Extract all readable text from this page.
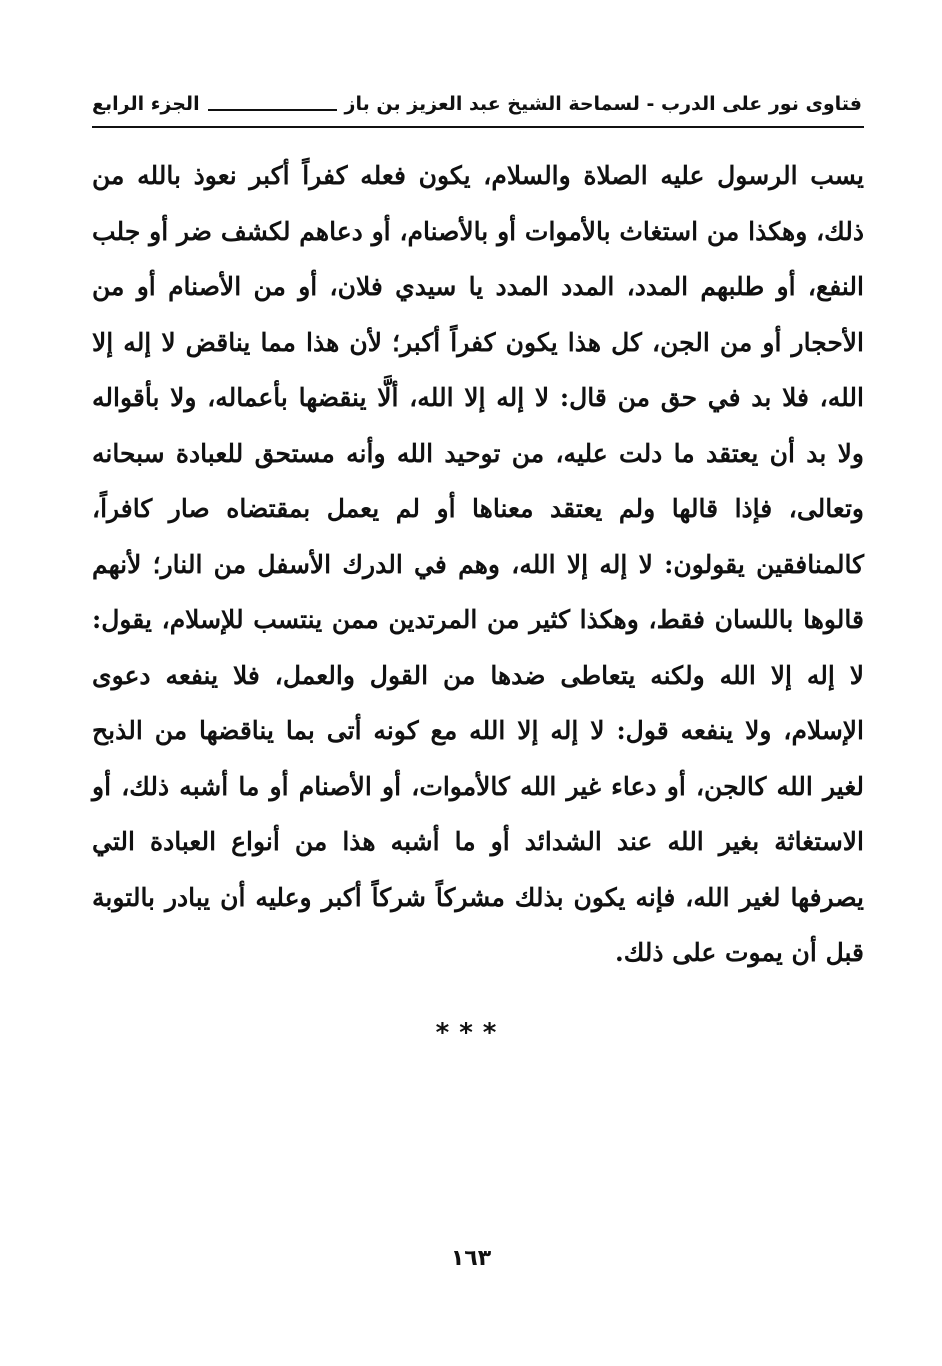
فتاوى نور على الدرب - لسماحة الشيخ عبد العزيز بن باز
الجزء الرابع
يسب الرسول عليه الصلاة والسلام، يكون فعله كفراً أكبر نعوذ بالله من ذلك، وهكذا من استغاث بالأموات أو بالأصنام، أو دعاهم لكشف ضر أو جلب النفع، أو طلبهم المدد، المدد المدد يا سيدي فلان، أو من الأصنام أو من الأحجار أو من الجن، كل هذا يكون كفراً أكبر؛ لأن هذا مما يناقض لا إله إلا الله، فلا بد في حق من قال: لا إله إلا الله، ألَّا ينقضها بأعماله، ولا بأقواله ولا بد أن يعتقد ما دلت عليه، من توحيد الله وأنه مستحق للعبادة سبحانه وتعالى، فإذا قالها ولم يعتقد معناها أو لم يعمل بمقتضاه صار كافراً، كالمنافقين يقولون: لا إله إلا الله، وهم في الدرك الأسفل من النار؛ لأنهم قالوها باللسان فقط، وهكذا كثير من المرتدين ممن ينتسب للإسلام، يقول: لا إله إلا الله ولكنه يتعاطى ضدها من القول والعمل، فلا ينفعه دعوى الإسلام، ولا ينفعه قول: لا إله إلا الله مع كونه أتى بما يناقضها من الذبح لغير الله كالجن، أو دعاء غير الله كالأموات، أو الأصنام أو ما أشبه ذلك، أو الاستغاثة بغير الله عند الشدائد أو ما أشبه هذا من أنواع العبادة التي يصرفها لغير الله، فإنه يكون بذلك مشركاً شركاً أكبر وعليه أن يبادر بالتوبة قبل أن يموت على ذلك.
***
١٦٣
